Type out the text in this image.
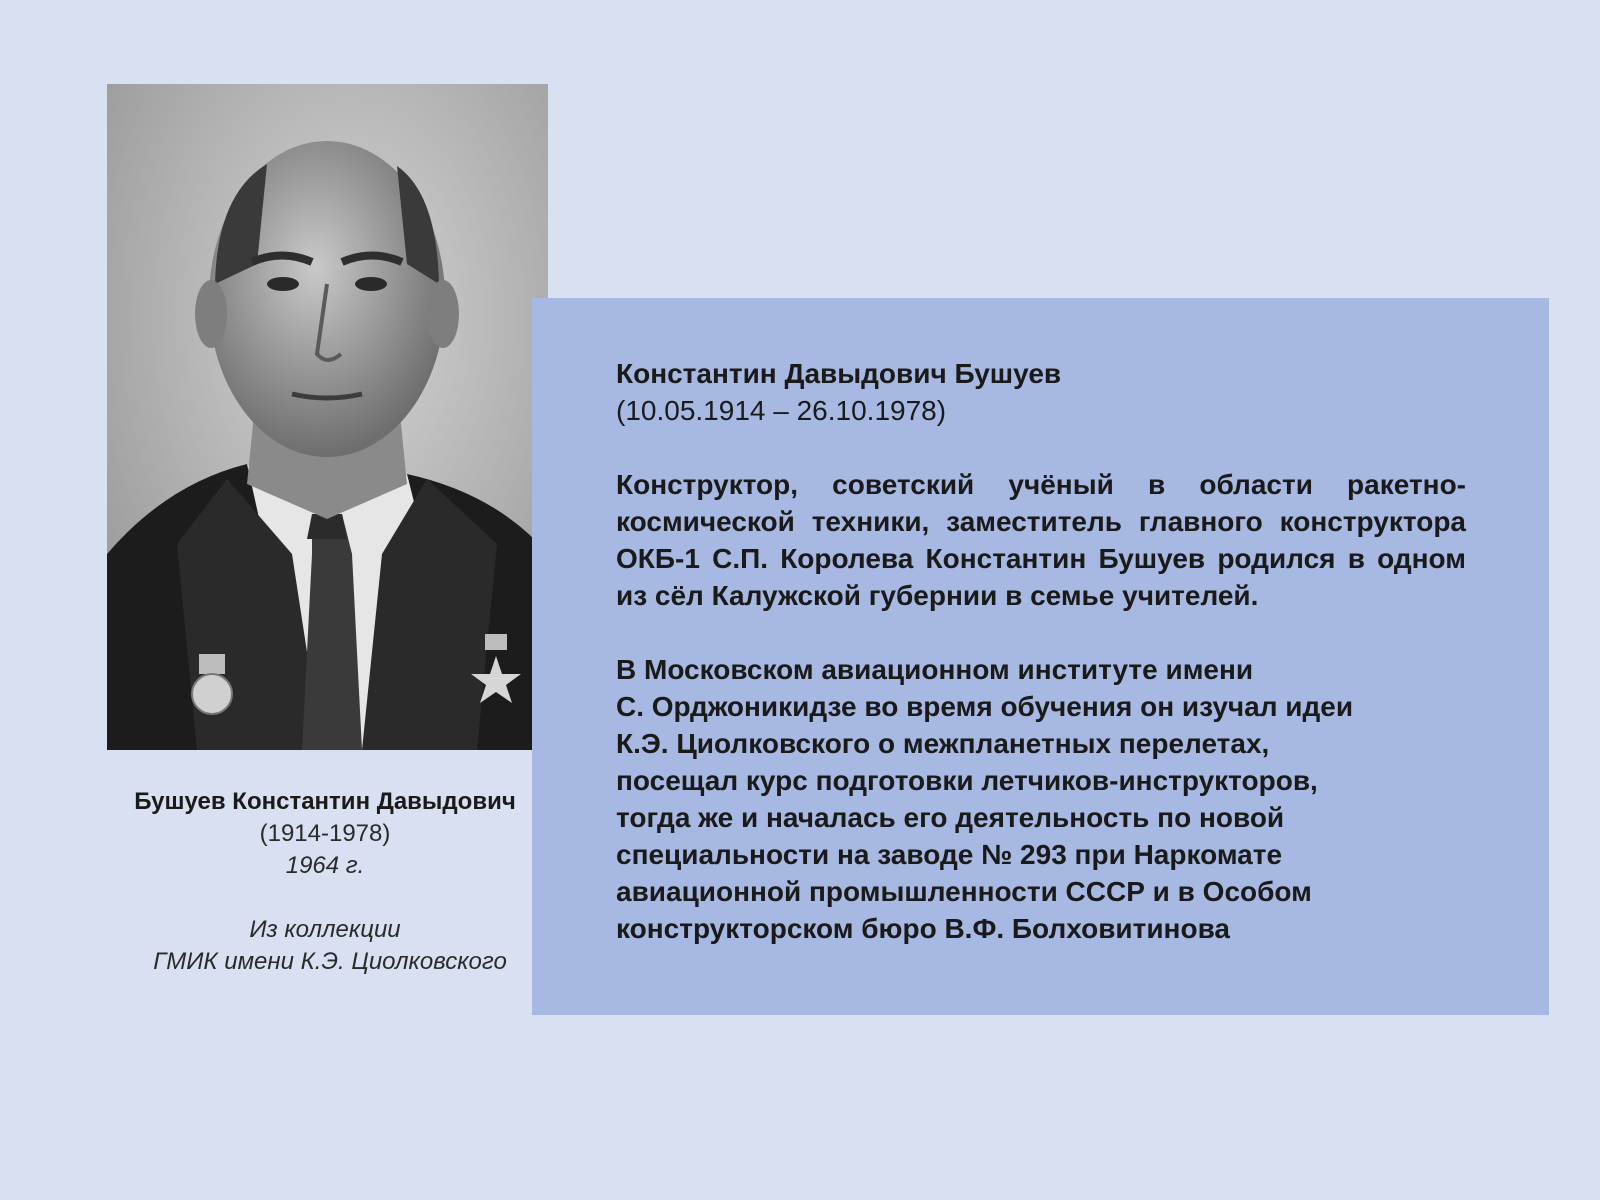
Бушуев Константин Давыдович
(1914-1978)
1964 г.
Из коллекции
ГМИК имени К.Э. Циолковского
Константин Давыдович Бушуев
(10.05.1914 – 26.10.1978)

Конструктор, советский учёный в области ракетно-космической техники, заместитель главного конструктора ОКБ-1 С.П. Королева Константин Бушуев родился в одном из сёл Калужской губернии в семье учителей.

В Московском авиационном институте имени
С. Орджоникидзе во время обучения он изучал идеи
К.Э. Циолковского о межпланетных перелетах,
посещал курс подготовки летчиков-инструкторов,
тогда же и началась его деятельность по новой
специальности на заводе № 293 при Наркомате
авиационной промышленности СССР и в Особом
конструкторском бюро В.Ф. Болховитинова
